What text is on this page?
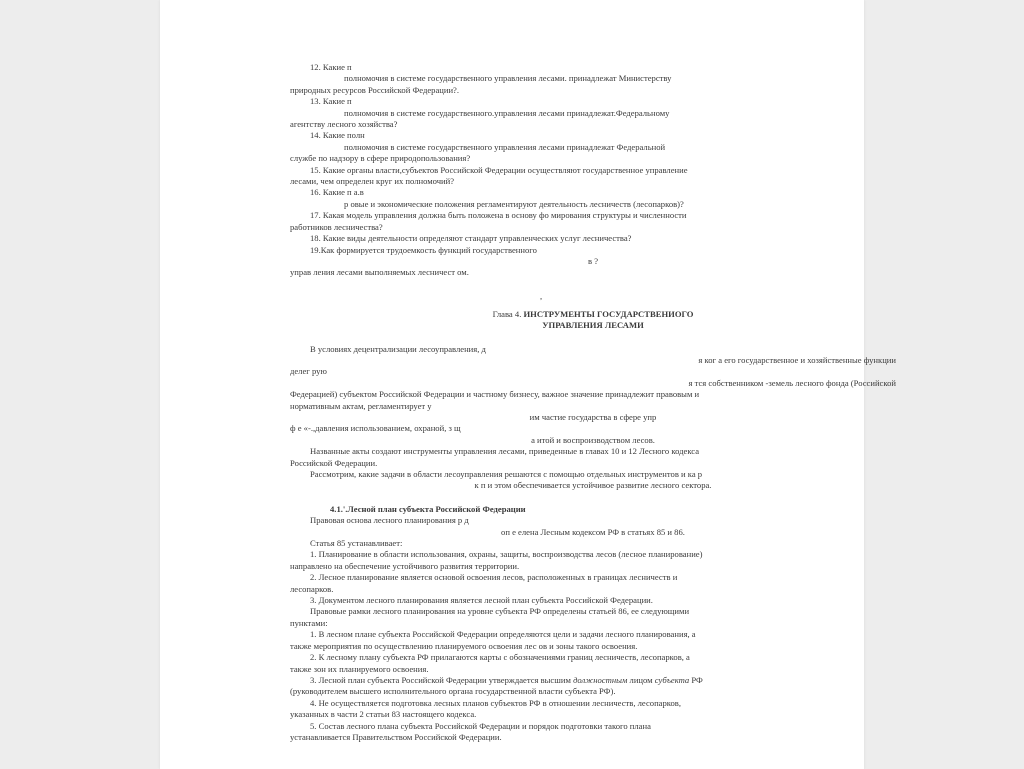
12. Какие п

полномочия в системе государственного управления лесами. принадлежат Министерству

природных ресурсов Российской Федерации?.

13. Какие п

полномочия в системе государственного.управления лесами принадлежат.Федеральному

агентству лесного хозяйства?

14. Какие полн

полномочия в системе государственного управления лесами принадлежат Федеральной

службе по надзору в сфере природопользования?

15. Какие органы власти,субъектов Российской Федерации осуществляют государственное управление

лесами, чем определен круг их полномочий?

16. Какие п а.в

р овые и экономические положения регламентируют деятельность лесничеств (лесопарков)?

17. Какая модель управления должна быть положена в основу фо мирования структуры и численности

работников лесничества?

18. Какие виды деятельности определяют стандарт управленческих услуг лесничества?

19.Как формируется трудоемкость функций государственного

в ?

управ ления лесами выполняемых лесничест ом.

,

Глава 4. ИНСТРУМЕНТЫ ГОСУДАРСТВЕНИОГО

УПРАВЛЕНИЯ ЛЕСАМИ

В условиях децентрализации лесоуправления, д

я ког а его государственное и хозяйственные функции

делег рую

я тся собственником -земель лесного фонда (Российской

Федерацией) субъектом Российской Федерации и частному бизнесу, важное значение принадлежит правовым и

нормативным актам, регламентирует у

им частие государства в сфере упр

ф е «-.,давления использованием, охраной, з щ

а итой и воспроизводством лесов.

Названные акты создают инструменты управления лесами, приведенные в главах 10 и 12 Лесного кодекса

Российской Федерации.

Рассмотрим, какие задачи в области лесоуправления решаются с помощью отдельных инструментов и ка р

к п и этом обеспечивается устойчивое развитие лесного сектора.

4.1.'.Лесной план субъекта Российской Федерации

Правовая основа лесного планирования р д

оп е елена Лесным кодексом РФ в статьях 85 и 86.

Статья 85 устанавливает:

1. Планирование в области использования, охраны, защиты, воспроизводства лесов (лесное планирование)

направлено на обеспечение устойчивого развития территории.

2. Лесное планирование является основой освоения лесов, расположенных в границах лесничеств и

лесопарков.

3. Документом лесного планирования является лесной план субъекта Российской Федерации.

Правовые рамки лесного планирования на уровне субъекта РФ определены статьей 86, ее следующими

пунктами:

1. В лесном плане субъекта Российской Федерации определяются цели и задачи лесного планирования, а

также мероприятия по осуществлению планируемого освоения лес ов и зоны такого освоения.

2. К лесному плану субъекта РФ прилагаются карты с обозначениями границ лесничеств, лесопарков, а

также зон их планируемого освоения.

3. Лесной план субъекта Российской Федерации утверждается высшим должностным лицом субъекта РФ

(руководителем высшего исполнительного органа государственной власти субъекта РФ).

4. Не осуществляется подготовка лесных планов субъектов РФ в отношении лесничеств, лесопарков,

указанных в части 2 статьи 83 настоящего кодекса.

5. Состав лесного плана субъекта Российской Федерации и порядок подготовки такого плана

устанавливается Правительством Российской Федерации.
